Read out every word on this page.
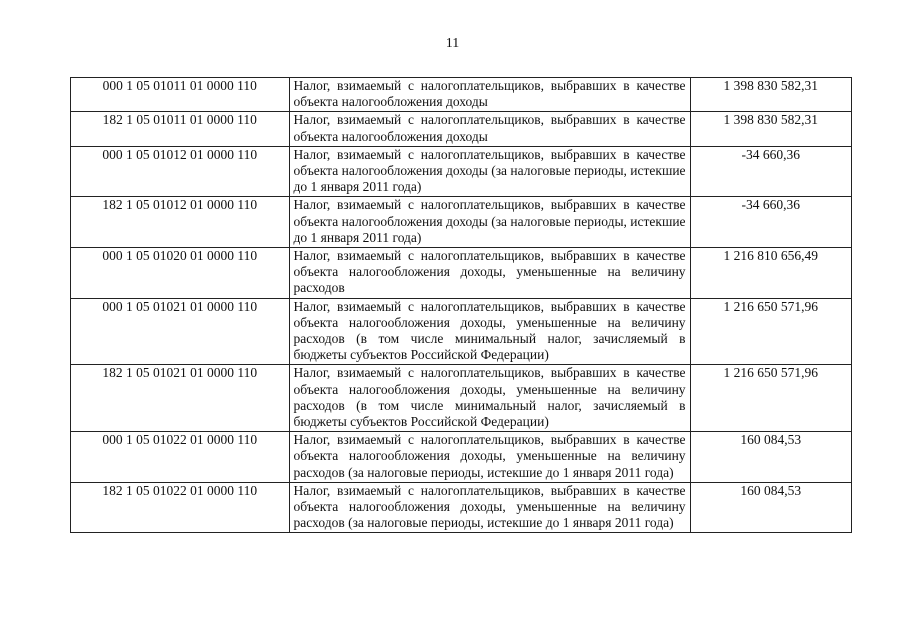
11
000 1 05 01011 01 0000 110	Налог, взимаемый с налогоплательщиков, выбравших в качестве объекта налогообложения доходы	1 398 830 582,31
182 1 05 01011 01 0000 110	Налог, взимаемый с налогоплательщиков, выбравших в качестве объекта налогообложения доходы	1 398 830 582,31
000 1 05 01012 01 0000 110	Налог, взимаемый с налогоплательщиков, выбравших в качестве объекта налогообложения доходы (за налоговые периоды, истекшие до 1 января 2011 года)	-34 660,36
182 1 05 01012 01 0000 110	Налог, взимаемый с налогоплательщиков, выбравших в качестве объекта налогообложения доходы (за налоговые периоды, истекшие до 1 января 2011 года)	-34 660,36
000 1 05 01020 01 0000 110	Налог, взимаемый с налогоплательщиков, выбравших в качестве объекта налогообложения доходы, уменьшенные на величину расходов	1 216 810 656,49
000 1 05 01021 01 0000 110	Налог, взимаемый с налогоплательщиков, выбравших в качестве объекта налогообложения доходы, уменьшенные на величину расходов (в том числе минимальный налог, зачисляемый в бюджеты субъектов Российской Федерации)	1 216 650 571,96
182 1 05 01021 01 0000 110	Налог, взимаемый с налогоплательщиков, выбравших в качестве объекта налогообложения доходы, уменьшенные на величину расходов (в том числе минимальный налог, зачисляемый в бюджеты субъектов Российской Федерации)	1 216 650 571,96
000 1 05 01022 01 0000 110	Налог, взимаемый с налогоплательщиков, выбравших в качестве объекта налогообложения доходы, уменьшенные на величину расходов (за налоговые периоды, истекшие до 1 января 2011 года)	160 084,53
182 1 05 01022 01 0000 110	Налог, взимаемый с налогоплательщиков, выбравших в качестве объекта налогообложения доходы, уменьшенные на величину расходов (за налоговые периоды, истекшие до 1 января 2011 года)	160 084,53
